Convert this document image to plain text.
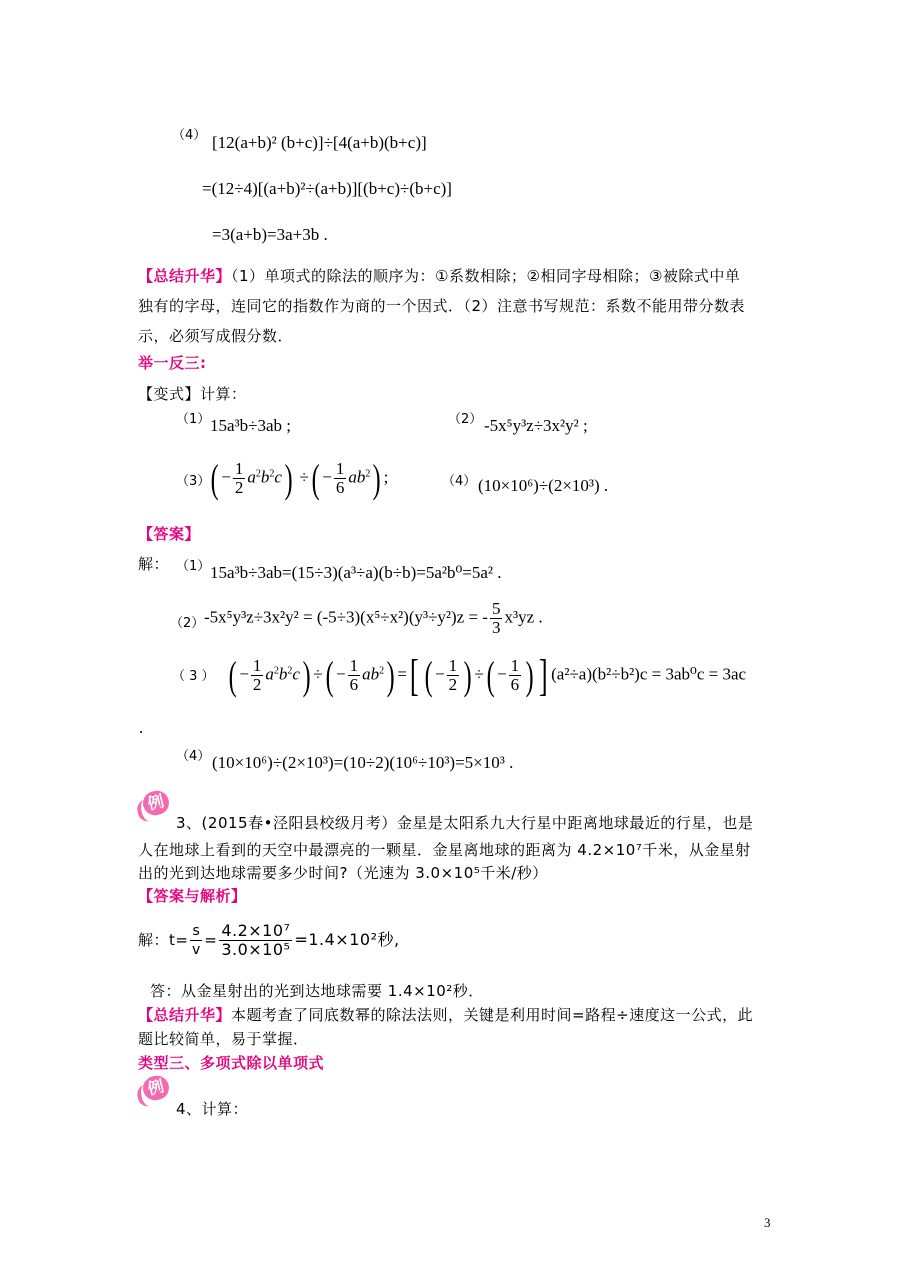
（4） [12(a+b)² (b+c)]÷[4(a+b)(b+c)]
=(12÷4)[(a+b)²÷(a+b)][(b+c)÷(b+c)]
=3(a+b)=3a+3b .
【总结升华】（1）单项式的除法的顺序为：①系数相除；②相同字母相除；③被除式中单
独有的字母，连同它的指数作为商的一个因式．（2）注意书写规范：系数不能用带分数表
示，必须写成假分数．
举一反三:
【变式】计算：
（1） 15a³b÷3ab ;	（2） -5x⁵y³z÷3x²y² ;
（3） ( − $\frac{1}{2} a^2b^2c$) ÷( − $\frac{1}{6} ab^2$) ;	（4） (10×10⁶)÷(2×10³) .
【答案】
解： （1） 15a³b÷3ab=(15÷3)(a³÷a)(b÷b)=5a²b⁰=5a² .
（2） -5x⁵y³z÷3x²y² = (-5÷3)(x⁵÷x²)(y³÷y²)z = - $\frac{5}{3} x^3yz$ .
（ 3 ） ( − $\frac{1}{2} a^2b^2c$) ÷( − $\frac{1}{6} ab^2$) =[ ( − $\frac{1}{2}$ ) ÷( − $\frac{1}{6}$ ) ] (a²÷a)(b²÷b²)c = 3ab⁰c = 3ac
.
（4） (10×10⁶)÷(2×10³)=(10÷2)(10⁶÷10³)=5×10³ .
例
3、(2015春•泾阳县校级月考）金星是太阳系九大行星中距离地球最近的行星，也是
人在地球上看到的天空中最漂亮的一颗星．金星离地球的距离为 4.2×10⁷千米，从金星射
出的光到达地球需要多少时间?（光速为 3.0×10⁵千米/秒）
【答案与解析】
解：$t= \frac{s}{v} = \frac{\text{4.2×10⁷}}{\text{3.0×10⁵}} =1.4\times 10^2$秒,
答：从金星射出的光到达地球需要 1.4×10²秒．
【总结升华】本题考查了同底数幂的除法法则，关键是利用时间=路程÷速度这一公式，此
题比较简单，易于掌握．
类型三、多项式除以单项式
例
4、计算：
3
